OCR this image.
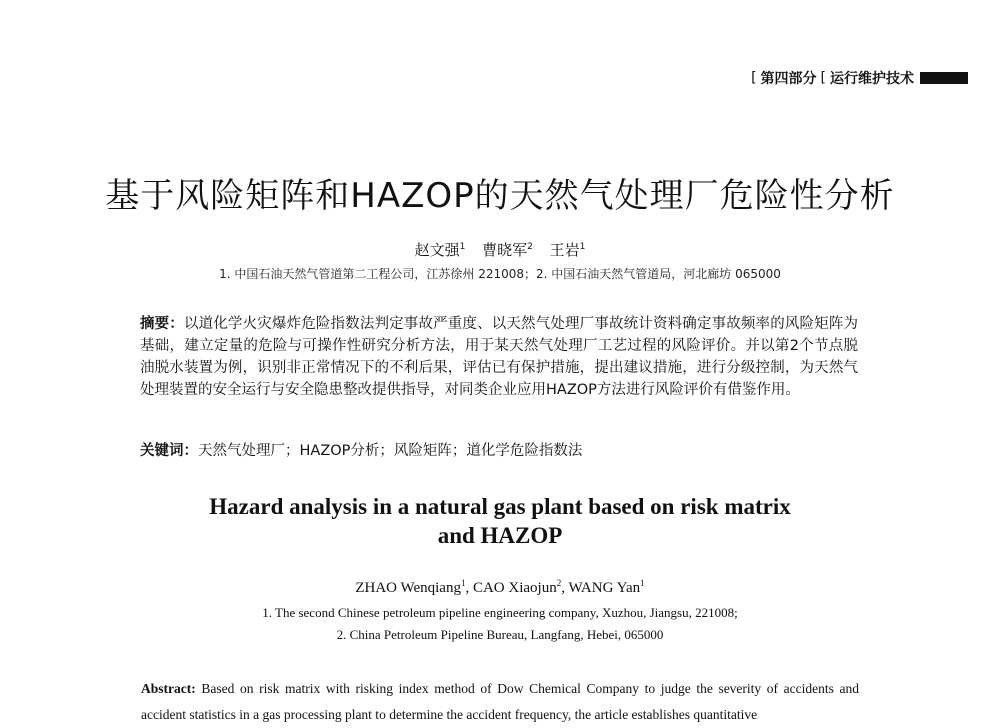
[ 第四部分 [ 运行维护技术
基于风险矩阵和HAZOP的天然气处理厂危险性分析
赵文强$^1$ 曹晓军$^2$ 王岩$^1$
1. 中国石油天然气管道第二工程公司，江苏徐州 221008；2. 中国石油天然气管道局，河北廊坊 065000
摘要：以道化学火灾爆炸危险指数法判定事故严重度、以天然气处理厂事故统计资料确定事故频率的风险矩阵为基础，建立定量的危险与可操作性研究分析方法，用于某天然气处理厂工艺过程的风险评价。并以第2个节点脱油脱水装置为例，识别非正常情况下的不利后果，评估已有保护措施，提出建议措施，进行分级控制，为天然气处理装置的安全运行与安全隐患整改提供指导，对同类企业应用HAZOP方法进行风险评价有借鉴作用。
关键词：天然气处理厂；HAZOP分析；风险矩阵；道化学危险指数法
Hazard analysis in a natural gas plant based on risk matrix
and HAZOP
ZHAO Wenqiang$^1$, CAO Xiaojun$^2$, WANG Yan$^1$
1. The second Chinese petroleum pipeline engineering company, Xuzhou, Jiangsu, 221008;
2. China Petroleum Pipeline Bureau, Langfang, Hebei, 065000
Abstract: Based on risk matrix with risking index method of Dow Chemical Company to judge the severity of accidents and accident statistics in a gas processing plant to determine the accident frequency, the article establishes quantitative
